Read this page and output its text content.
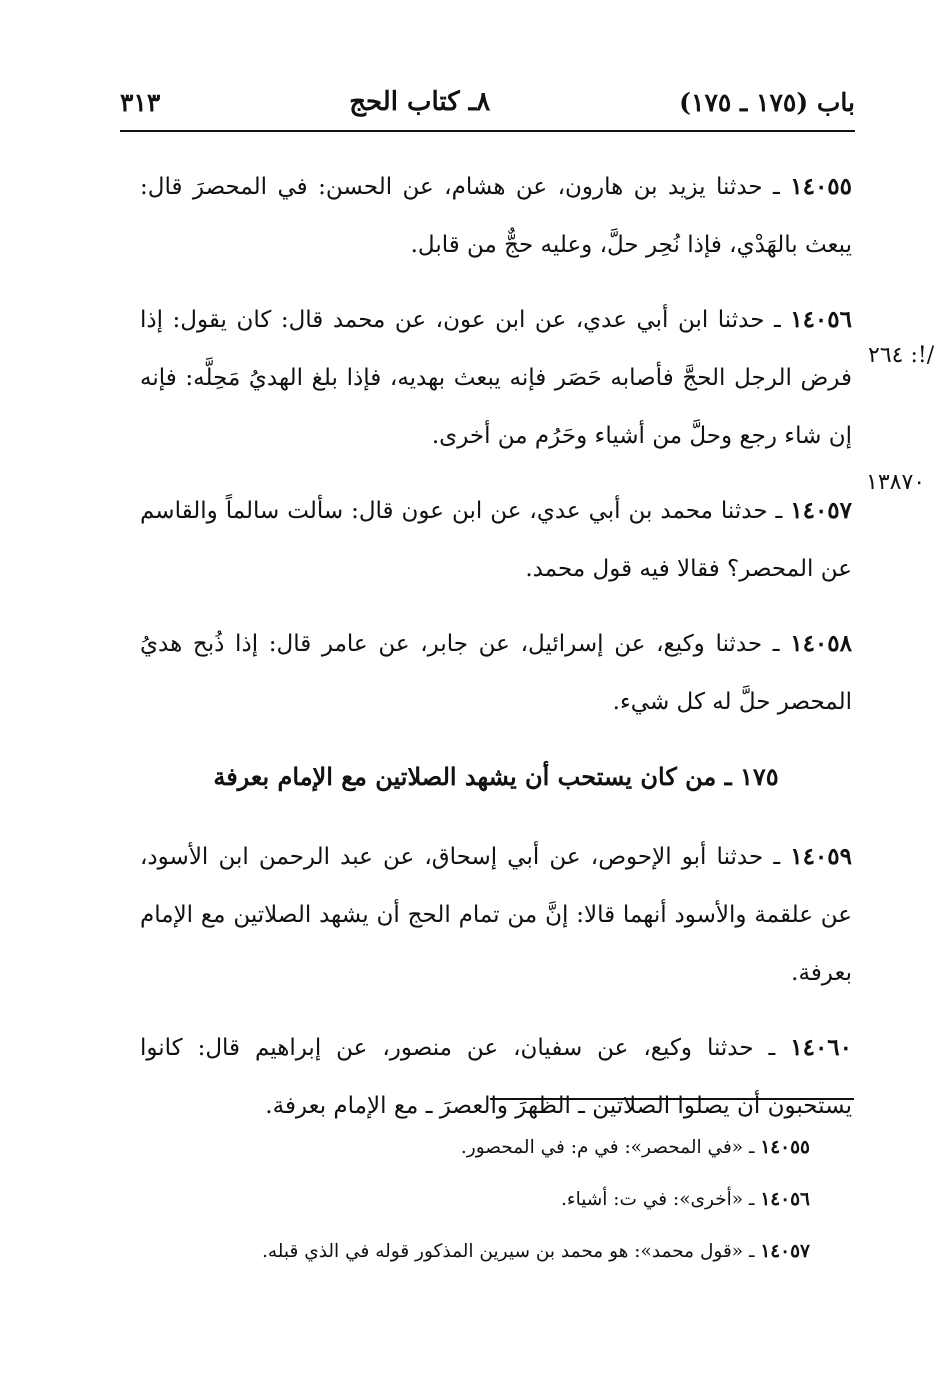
باب (١٧٥ ـ ١٧٥)
٨ـ كتاب الحج
٣١٣
/!: ٢٦٤
١٣٨٧٠

١٤٠٥٥ ـ حدثنا يزيد بن هارون، عن هشام، عن الحسن: في المحصرَ قال: يبعث بالهَدْي، فإذا نُحِر حلَّ، وعليه حجٌّ من قابل.

١٤٠٥٦ ـ حدثنا ابن أبي عدي، عن ابن عون، عن محمد قال: كان يقول: إذا فرض الرجل الحجَّ فأصابه حَصَر فإنه يبعث بهديه، فإذا بلغ الهديُ مَحِلَّه: فإنه إن شاء رجع وحلَّ من أشياء وحَرُم من أخرى.

١٤٠٥٧ ـ حدثنا محمد بن أبي عدي، عن ابن عون قال: سألت سالماً والقاسم عن المحصر؟ فقالا فيه قول محمد.

١٤٠٥٨ ـ حدثنا وكيع، عن إسرائيل، عن جابر، عن عامر قال: إذا ذُبح هديُ المحصر حلَّ له كل شيء.

١٧٥ ـ من كان يستحب أن يشهد الصلاتين مع الإمام بعرفة

١٤٠٥٩ ـ حدثنا أبو الإحوص، عن أبي إسحاق، عن عبد الرحمن ابن الأسود، عن علقمة والأسود أنهما قالا: إنَّ من تمام الحج أن يشهد الصلاتين مع الإمام بعرفة.

١٤٠٦٠ ـ حدثنا وكيع، عن سفيان، عن منصور، عن إبراهيم قال: كانوا يستحبون أن يصلوا الصلاتين ـ الظهرَ والعصرَ ـ مع الإمام بعرفة.

١٤٠٥٥ ـ «في المحصر»: في م: في المحصور.

١٤٠٥٦ ـ «أخرى»: في ت: أشياء.

١٤٠٥٧ ـ «قول محمد»: هو محمد بن سيرين المذكور قوله في الذي قبله.
